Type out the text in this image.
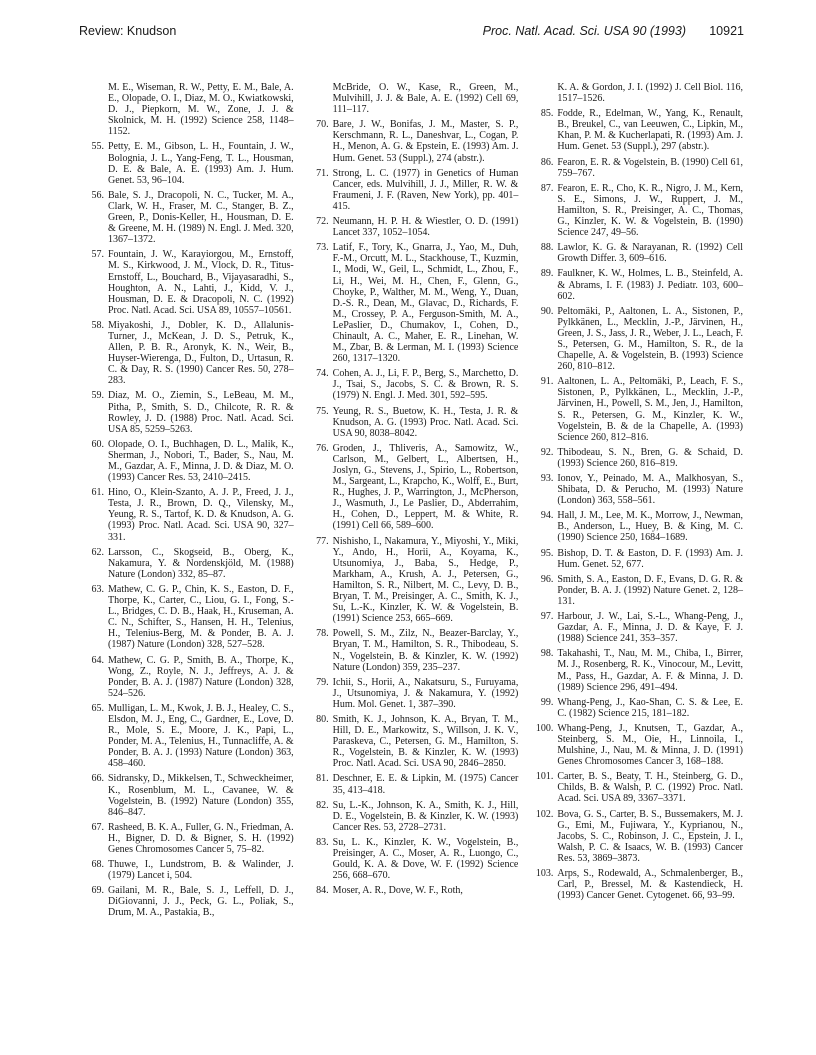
Review: Knudson	Proc. Natl. Acad. Sci. USA 90 (1993) 10921

M. E., Wiseman, R. W., Petty, E. M., Bale, A. E., Olopade, O. I., Diaz, M. O., Kwiatkowski, D. J., Piepkorn, M. W., Zone, J. J. & Skolnick, M. H. (1992) Science 258, 1148–1152.

55. Petty, E. M., Gibson, L. H., Fountain, J. W., Bolognia, J. L., Yang-Feng, T. L., Housman, D. E. & Bale, A. E. (1993) Am. J. Hum. Genet. 53, 96–104.

56. Bale, S. J., Dracopoli, N. C., Tucker, M. A., Clark, W. H., Fraser, M. C., Stanger, B. Z., Green, P., Donis-Keller, H., Housman, D. E. & Greene, M. H. (1989) N. Engl. J. Med. 320, 1367–1372.

57. Fountain, J. W., Karayiorgou, M., Ernstoff, M. S., Kirkwood, J. M., Vlock, D. R., Titus-Ernstoff, L., Bouchard, B., Vijayasaradhi, S., Houghton, A. N., Lahti, J., Kidd, V. J., Housman, D. E. & Dracopoli, N. C. (1992) Proc. Natl. Acad. Sci. USA 89, 10557–10561.

58. Miyakoshi, J., Dobler, K. D., Allalunis-Turner, J., McKean, J. D. S., Petruk, K., Allen, P. B. R., Aronyk, K. N., Weir, B., Huyser-Wierenga, D., Fulton, D., Urtasun, R. C. & Day, R. S. (1990) Cancer Res. 50, 278–283.

59. Diaz, M. O., Ziemin, S., LeBeau, M. M., Pitha, P., Smith, S. D., Chilcote, R. R. & Rowley, J. D. (1988) Proc. Natl. Acad. Sci. USA 85, 5259–5263.

60. Olopade, O. I., Buchhagen, D. L., Malik, K., Sherman, J., Nobori, T., Bader, S., Nau, M. M., Gazdar, A. F., Minna, J. D. & Diaz, M. O. (1993) Cancer Res. 53, 2410–2415.

61. Hino, O., Klein-Szanto, A. J. P., Freed, J. J., Testa, J. R., Brown, D. Q., Vilensky, M., Yeung, R. S., Tartof, K. D. & Knudson, A. G. (1993) Proc. Natl. Acad. Sci. USA 90, 327–331.

62. Larsson, C., Skogseid, B., Oberg, K., Nakamura, Y. & Nordenskjöld, M. (1988) Nature (London) 332, 85–87.

63. Mathew, C. G. P., Chin, K. S., Easton, D. F., Thorpe, K., Carter, C., Liou, G. I., Fong, S.-L., Bridges, C. D. B., Haak, H., Kruseman, A. C. N., Schifter, S., Hansen, H. H., Telenius, H., Telenius-Berg, M. & Ponder, B. A. J. (1987) Nature (London) 328, 527–528.

64. Mathew, C. G. P., Smith, B. A., Thorpe, K., Wong, Z., Royle, N. J., Jeffreys, A. J. & Ponder, B. A. J. (1987) Nature (London) 328, 524–526.

65. Mulligan, L. M., Kwok, J. B. J., Healey, C. S., Elsdon, M. J., Eng, C., Gardner, E., Love, D. R., Mole, S. E., Moore, J. K., Papi, L., Ponder, M. A., Telenius, H., Tunnacliffe, A. & Ponder, B. A. J. (1993) Nature (London) 363, 458–460.

66. Sidransky, D., Mikkelsen, T., Schweckheimer, K., Rosenblum, M. L., Cavanee, W. & Vogelstein, B. (1992) Nature (London) 355, 846–847.

67. Rasheed, B. K. A., Fuller, G. N., Friedman, A. H., Bigner, D. D. & Bigner, S. H. (1992) Genes Chromosomes Cancer 5, 75–82.

68. Thuwe, I., Lundstrom, B. & Walinder, J. (1979) Lancet i, 504.

69. Gailani, M. R., Bale, S. J., Leffell, D. J., DiGiovanni, J. J., Peck, G. L., Poliak, S., Drum, M. A., Pastakia, B.,

McBride, O. W., Kase, R., Green, M., Mulvihill, J. J. & Bale, A. E. (1992) Cell 69, 111–117.

70. Bare, J. W., Bonifas, J. M., Master, S. P., Kerschmann, R. L., Daneshvar, L., Cogan, P. H., Menon, A. G. & Epstein, E. (1993) Am. J. Hum. Genet. 53 (Suppl.), 274 (abstr.).

71. Strong, L. C. (1977) in Genetics of Human Cancer, eds. Mulvihill, J. J., Miller, R. W. & Fraumeni, J. F. (Raven, New York), pp. 401–415.

72. Neumann, H. P. H. & Wiestler, O. D. (1991) Lancet 337, 1052–1054.

73. Latif, F., Tory, K., Gnarra, J., Yao, M., Duh, F.-M., Orcutt, M. L., Stackhouse, T., Kuzmin, I., Modi, W., Geil, L., Schmidt, L., Zhou, F., Li, H., Wei, M. H., Chen, F., Glenn, G., Choyke, P., Walther, M. M., Weng, Y., Duan, D.-S. R., Dean, M., Glavac, D., Richards, F. M., Crossey, P. A., Ferguson-Smith, M. A., LePaslier, D., Chumakov, I., Cohen, D., Chinault, A. C., Maher, E. R., Linehan, W. M., Zbar, B. & Lerman, M. I. (1993) Science 260, 1317–1320.

74. Cohen, A. J., Li, F. P., Berg, S., Marchetto, D. J., Tsai, S., Jacobs, S. C. & Brown, R. S. (1979) N. Engl. J. Med. 301, 592–595.

75. Yeung, R. S., Buetow, K. H., Testa, J. R. & Knudson, A. G. (1993) Proc. Natl. Acad. Sci. USA 90, 8038–8042.

76. Groden, J., Thliveris, A., Samowitz, W., Carlson, M., Gelbert, L., Albertsen, H., Joslyn, G., Stevens, J., Spirio, L., Robertson, M., Sargeant, L., Krapcho, K., Wolff, E., Burt, R., Hughes, J. P., Warrington, J., McPherson, J., Wasmuth, J., Le Paslier, D., Abderrahim, H., Cohen, D., Leppert, M. & White, R. (1991) Cell 66, 589–600.

77. Nishisho, I., Nakamura, Y., Miyoshi, Y., Miki, Y., Ando, H., Horii, A., Koyama, K., Utsunomiya, J., Baba, S., Hedge, P., Markham, A., Krush, A. J., Petersen, G., Hamilton, S. R., Nilbert, M. C., Levy, D. B., Bryan, T. M., Preisinger, A. C., Smith, K. J., Su, L.-K., Kinzler, K. W. & Vogelstein, B. (1991) Science 253, 665–669.

78. Powell, S. M., Zilz, N., Beazer-Barclay, Y., Bryan, T. M., Hamilton, S. R., Thibodeau, S. N., Vogelstein, B. & Kinzler, K. W. (1992) Nature (London) 359, 235–237.

79. Ichii, S., Horii, A., Nakatsuru, S., Furuyama, J., Utsunomiya, J. & Nakamura, Y. (1992) Hum. Mol. Genet. 1, 387–390.

80. Smith, K. J., Johnson, K. A., Bryan, T. M., Hill, D. E., Markowitz, S., Willson, J. K. V., Paraskeva, C., Petersen, G. M., Hamilton, S. R., Vogelstein, B. & Kinzler, K. W. (1993) Proc. Natl. Acad. Sci. USA 90, 2846–2850.

81. Deschner, E. E. & Lipkin, M. (1975) Cancer 35, 413–418.

82. Su, L.-K., Johnson, K. A., Smith, K. J., Hill, D. E., Vogelstein, B. & Kinzler, K. W. (1993) Cancer Res. 53, 2728–2731.

83. Su, L. K., Kinzler, K. W., Vogelstein, B., Preisinger, A. C., Moser, A. R., Luongo, C., Gould, K. A. & Dove, W. F. (1992) Science 256, 668–670.

84. Moser, A. R., Dove, W. F., Roth,

K. A. & Gordon, J. I. (1992) J. Cell Biol. 116, 1517–1526.

85. Fodde, R., Edelman, W., Yang, K., Renault, B., Breukel, C., van Leeuwen, C., Lipkin, M., Khan, P. M. & Kucherlapati, R. (1993) Am. J. Hum. Genet. 53 (Suppl.), 297 (abstr.).

86. Fearon, E. R. & Vogelstein, B. (1990) Cell 61, 759–767.

87. Fearon, E. R., Cho, K. R., Nigro, J. M., Kern, S. E., Simons, J. W., Ruppert, J. M., Hamilton, S. R., Preisinger, A. C., Thomas, G., Kinzler, K. W. & Vogelstein, B. (1990) Science 247, 49–56.

88. Lawlor, K. G. & Narayanan, R. (1992) Cell Growth Differ. 3, 609–616.

89. Faulkner, K. W., Holmes, L. B., Steinfeld, A. & Abrams, I. F. (1983) J. Pediatr. 103, 600–602.

90. Peltomäki, P., Aaltonen, L. A., Sistonen, P., Pylkkänen, L., Mecklin, J.-P., Järvinen, H., Green, J. S., Jass, J. R., Weber, J. L., Leach, F. S., Petersen, G. M., Hamilton, S. R., de la Chapelle, A. & Vogelstein, B. (1993) Science 260, 810–812.

91. Aaltonen, L. A., Peltomäki, P., Leach, F. S., Sistonen, P., Pylkkänen, L., Mecklin, J.-P., Järvinen, H., Powell, S. M., Jen, J., Hamilton, S. R., Petersen, G. M., Kinzler, K. W., Vogelstein, B. & de la Chapelle, A. (1993) Science 260, 812–816.

92. Thibodeau, S. N., Bren, G. & Schaid, D. (1993) Science 260, 816–819.

93. Ionov, Y., Peinado, M. A., Malkhosyan, S., Shibata, D. & Perucho, M. (1993) Nature (London) 363, 558–561.

94. Hall, J. M., Lee, M. K., Morrow, J., Newman, B., Anderson, L., Huey, B. & King, M. C. (1990) Science 250, 1684–1689.

95. Bishop, D. T. & Easton, D. F. (1993) Am. J. Hum. Genet. 52, 677.

96. Smith, S. A., Easton, D. F., Evans, D. G. R. & Ponder, B. A. J. (1992) Nature Genet. 2, 128–131.

97. Harbour, J. W., Lai, S.-L., Whang-Peng, J., Gazdar, A. F., Minna, J. D. & Kaye, F. J. (1988) Science 241, 353–357.

98. Takahashi, T., Nau, M. M., Chiba, I., Birrer, M. J., Rosenberg, R. K., Vinocour, M., Levitt, M., Pass, H., Gazdar, A. F. & Minna, J. D. (1989) Science 296, 491–494.

99. Whang-Peng, J., Kao-Shan, C. S. & Lee, E. C. (1982) Science 215, 181–182.

100. Whang-Peng, J., Knutsen, T., Gazdar, A., Steinberg, S. M., Oie, H., Linnoila, I., Mulshine, J., Nau, M. & Minna, J. D. (1991) Genes Chromosomes Cancer 3, 168–188.

101. Carter, B. S., Beaty, T. H., Steinberg, G. D., Childs, B. & Walsh, P. C. (1992) Proc. Natl. Acad. Sci. USA 89, 3367–3371.

102. Bova, G. S., Carter, B. S., Bussemakers, M. J. G., Emi, M., Fujiwara, Y., Kyprianou, N., Jacobs, S. C., Robinson, J. C., Epstein, J. I., Walsh, P. C. & Isaacs, W. B. (1993) Cancer Res. 53, 3869–3873.

103. Arps, S., Rodewald, A., Schmalenberger, B., Carl, P., Bressel, M. & Kastendieck, H. (1993) Cancer Genet. Cytogenet. 66, 93–99.
